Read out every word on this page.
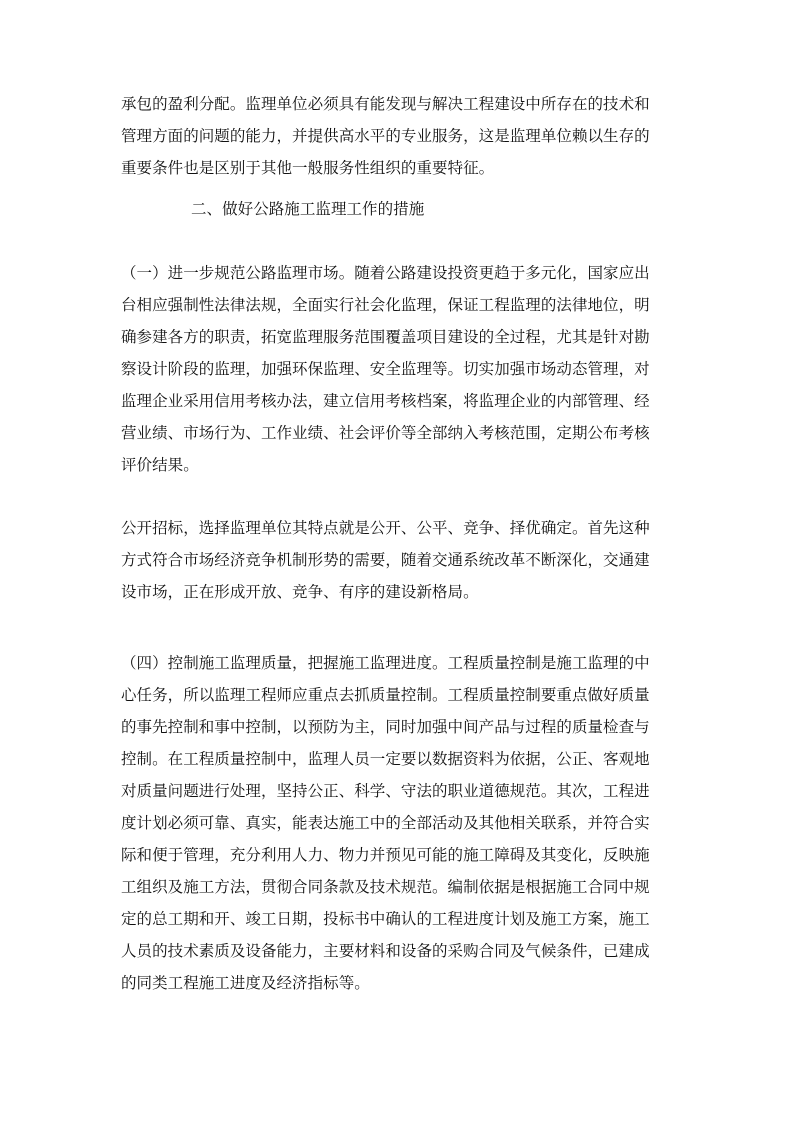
承包的盈利分配。监理单位必须具有能发现与解决工程建设中所存在的技术和
管理方面的问题的能力，并提供高水平的专业服务，这是监理单位赖以生存的
重要条件也是区别于其他一般服务性组织的重要特征。
二、做好公路施工监理工作的措施
（一）进一步规范公路监理市场。随着公路建设投资更趋于多元化，国家应出
台相应强制性法律法规，全面实行社会化监理，保证工程监理的法律地位，明
确参建各方的职责，拓宽监理服务范围覆盖项目建设的全过程，尤其是针对勘
察设计阶段的监理，加强环保监理、安全监理等。切实加强市场动态管理，对
监理企业采用信用考核办法，建立信用考核档案，将监理企业的内部管理、经
营业绩、市场行为、工作业绩、社会评价等全部纳入考核范围，定期公布考核
评价结果。
公开招标，选择监理单位其特点就是公开、公平、竞争、择优确定。首先这种
方式符合市场经济竞争机制形势的需要，随着交通系统改革不断深化，交通建
设市场，正在形成开放、竞争、有序的建设新格局。
（四）控制施工监理质量，把握施工监理进度。工程质量控制是施工监理的中
心任务，所以监理工程师应重点去抓质量控制。工程质量控制要重点做好质量
的事先控制和事中控制，以预防为主，同时加强中间产品与过程的质量检查与
控制。在工程质量控制中，监理人员一定要以数据资料为依据，公正、客观地
对质量问题进行处理，坚持公正、科学、守法的职业道德规范。其次，工程进
度计划必须可靠、真实，能表达施工中的全部活动及其他相关联系，并符合实
际和便于管理，充分利用人力、物力并预见可能的施工障碍及其变化，反映施
工组织及施工方法，贯彻合同条款及技术规范。编制依据是根据施工合同中规
定的总工期和开、竣工日期，投标书中确认的工程进度计划及施工方案，施工
人员的技术素质及设备能力，主要材料和设备的采购合同及气候条件，已建成
的同类工程施工进度及经济指标等。
